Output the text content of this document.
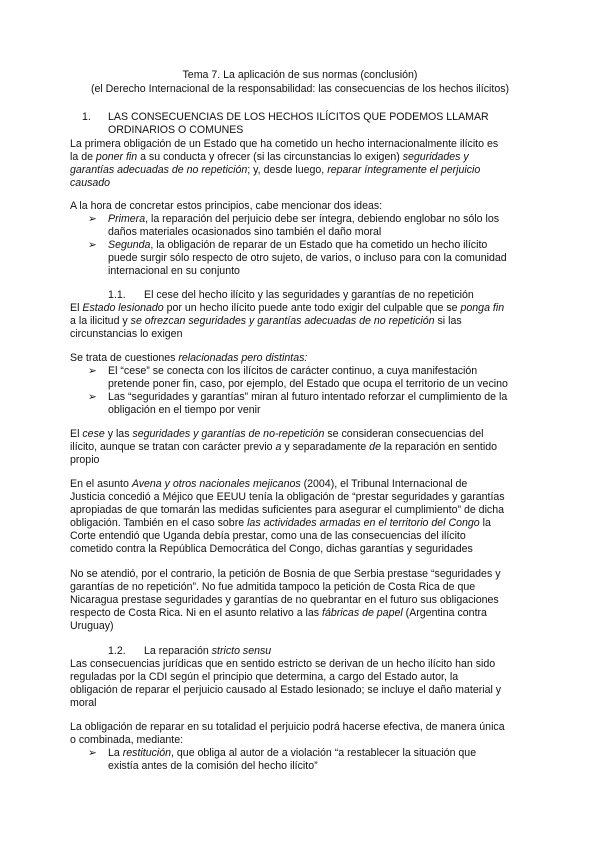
Tema 7. La aplicación de sus normas (conclusión)
(el Derecho Internacional de la responsabilidad: las consecuencias de los hechos ilícitos)
1. LAS CONSECUENCIAS DE LOS HECHOS ILÍCITOS QUE PODEMOS LLAMAR
ORDINARIOS O COMUNES
La primera obligación de un Estado que ha cometido un hecho internacionalmente ilícito es
la de poner fin a su conducta y ofrecer (si las circunstancias lo exigen) seguridades y
garantías adecuadas de no repetición; y, desde luego, reparar íntegramente el perjuicio
causado
A la hora de concretar estos principios, cabe mencionar dos ideas:
➢ Primera, la reparación del perjuicio debe ser íntegra, debiendo englobar no sólo los
daños materiales ocasionados sino también el daño moral
➢ Segunda, la obligación de reparar de un Estado que ha cometido un hecho ilícito
puede surgir sólo respecto de otro sujeto, de varios, o incluso para con la comunidad
internacional en su conjunto
1.1. El cese del hecho ilícito y las seguridades y garantías de no repetición
El Estado lesionado por un hecho ilícito puede ante todo exigir del culpable que se ponga fin
a la ilicitud y se ofrezcan seguridades y garantías adecuadas de no repetición si las
circunstancias lo exigen
Se trata de cuestiones relacionadas pero distintas:
➢ El “cese” se conecta con los ilícitos de carácter continuo, a cuya manifestación
pretende poner fin, caso, por ejemplo, del Estado que ocupa el territorio de un vecino
➢ Las “seguridades y garantías” miran al futuro intentado reforzar el cumplimiento de la
obligación en el tiempo por venir
El cese y las seguridades y garantías de no-repetición se consideran consecuencias del
ilícito, aunque se tratan con carácter previo a y separadamente de la reparación en sentido
propio
En el asunto Avena y otros nacionales mejicanos (2004), el Tribunal Internacional de
Justicia concedió a Méjico que EEUU tenía la obligación de “prestar seguridades y garantías
apropiadas de que tomarán las medidas suficientes para asegurar el cumplimiento” de dicha
obligación. También en el caso sobre las actividades armadas en el territorio del Congo la
Corte entendió que Uganda debía prestar, como una de las consecuencias del ilícito
cometido contra la República Democrática del Congo, dichas garantías y seguridades
No se atendió, por el contrario, la petición de Bosnia de que Serbia prestase “seguridades y
garantías de no repetición”. No fue admitida tampoco la petición de Costa Rica de que
Nicaragua prestase seguridades y garantías de no quebrantar en el futuro sus obligaciones
respecto de Costa Rica. Ni en el asunto relativo a las fábricas de papel (Argentina contra
Uruguay)
1.2. La reparación stricto sensu
Las consecuencias jurídicas que en sentido estricto se derivan de un hecho ilícito han sido
reguladas por la CDI según el principio que determina, a cargo del Estado autor, la
obligación de reparar el perjuicio causado al Estado lesionado; se incluye el daño material y
moral
La obligación de reparar en su totalidad el perjuicio podrá hacerse efectiva, de manera única
o combinada, mediante:
➢ La restitución, que obliga al autor de a violación “a restablecer la situación que
existía antes de la comisión del hecho ilícito”
